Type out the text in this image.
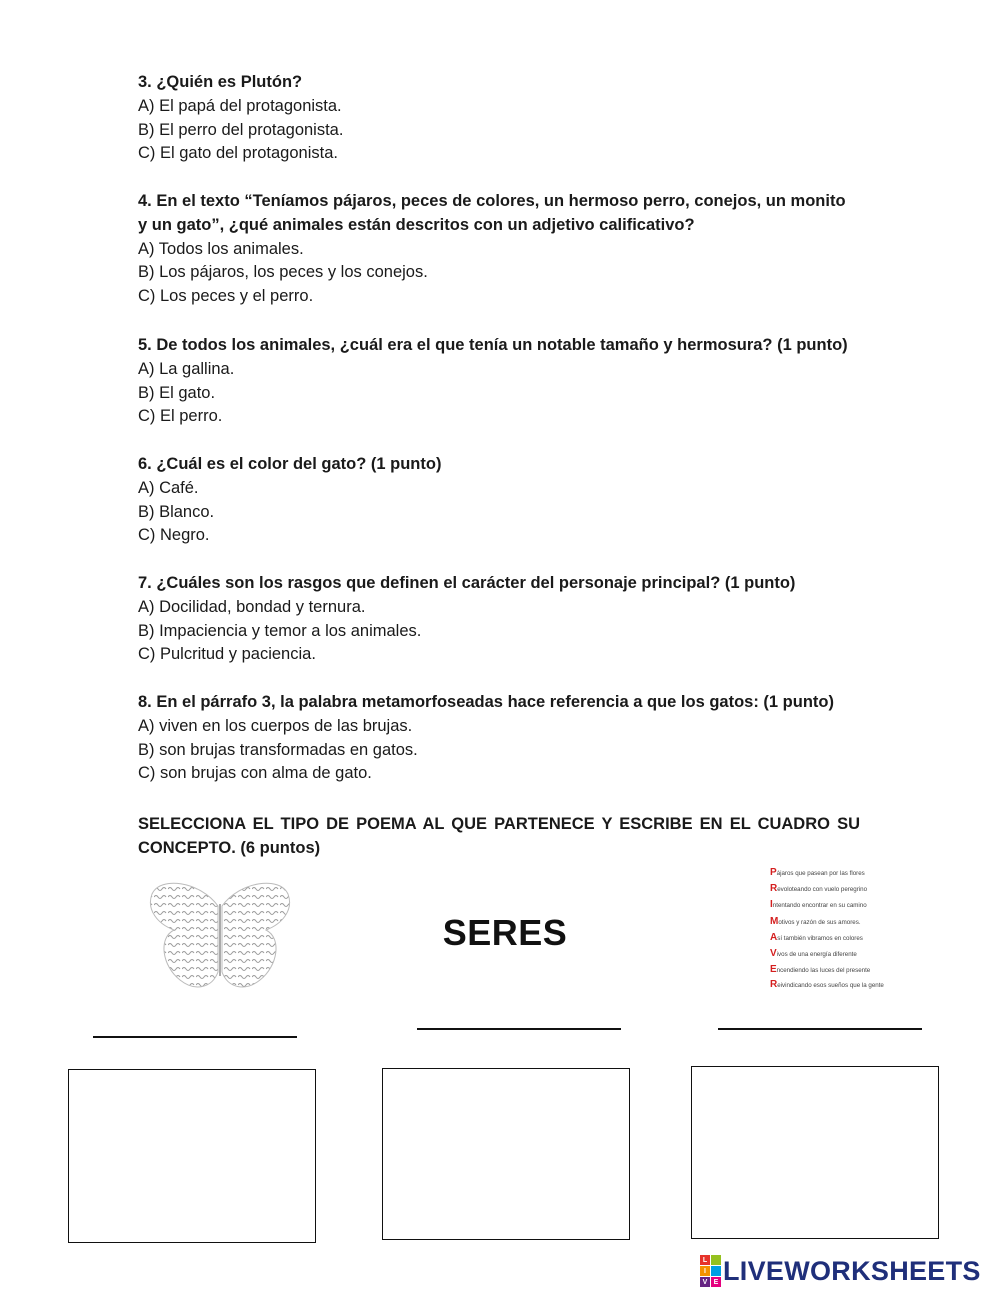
3. ¿Quién es Plutón?
A) El papá del protagonista.
B) El perro del protagonista.
C) El gato del protagonista.
4. En el texto “Teníamos pájaros, peces de colores, un hermoso perro, conejos, un monito
y un gato”, ¿qué animales están descritos con un adjetivo calificativo?
A) Todos los animales.
B) Los pájaros, los peces y los conejos.
C) Los peces y el perro.
5. De todos los animales, ¿cuál era el que tenía un notable tamaño y hermosura? (1 punto)
A) La gallina.
B) El gato.
C) El perro.
6. ¿Cuál es el color del gato? (1 punto)
A) Café.
B) Blanco.
C) Negro.
7. ¿Cuáles son los rasgos que definen el carácter del personaje principal? (1 punto)
A) Docilidad, bondad y ternura.
B) Impaciencia y temor a los animales.
C) Pulcritud y paciencia.
8. En el párrafo 3, la palabra metamorfoseadas hace referencia a que los gatos: (1 punto)
A) viven en los cuerpos de las brujas.
B) son brujas transformadas en gatos.
C) son brujas con alma de gato.
SELECCIONA EL TIPO DE POEMA AL QUE PARTENECE Y ESCRIBE EN EL CUADRO SU CONCEPTO. (6 puntos)
SERES
Pájaros que pasean por las flores
Revoloteando con vuelo peregrino
Intentando encontrar en su camino
Motivos y razón de sus amores.
Así también vibramos en colores
Vivos de una energía diferente
Encendiendo las luces del presente
Reivindicando esos sueños que la gente
L
I
V E LIVEWORKSHEETS
